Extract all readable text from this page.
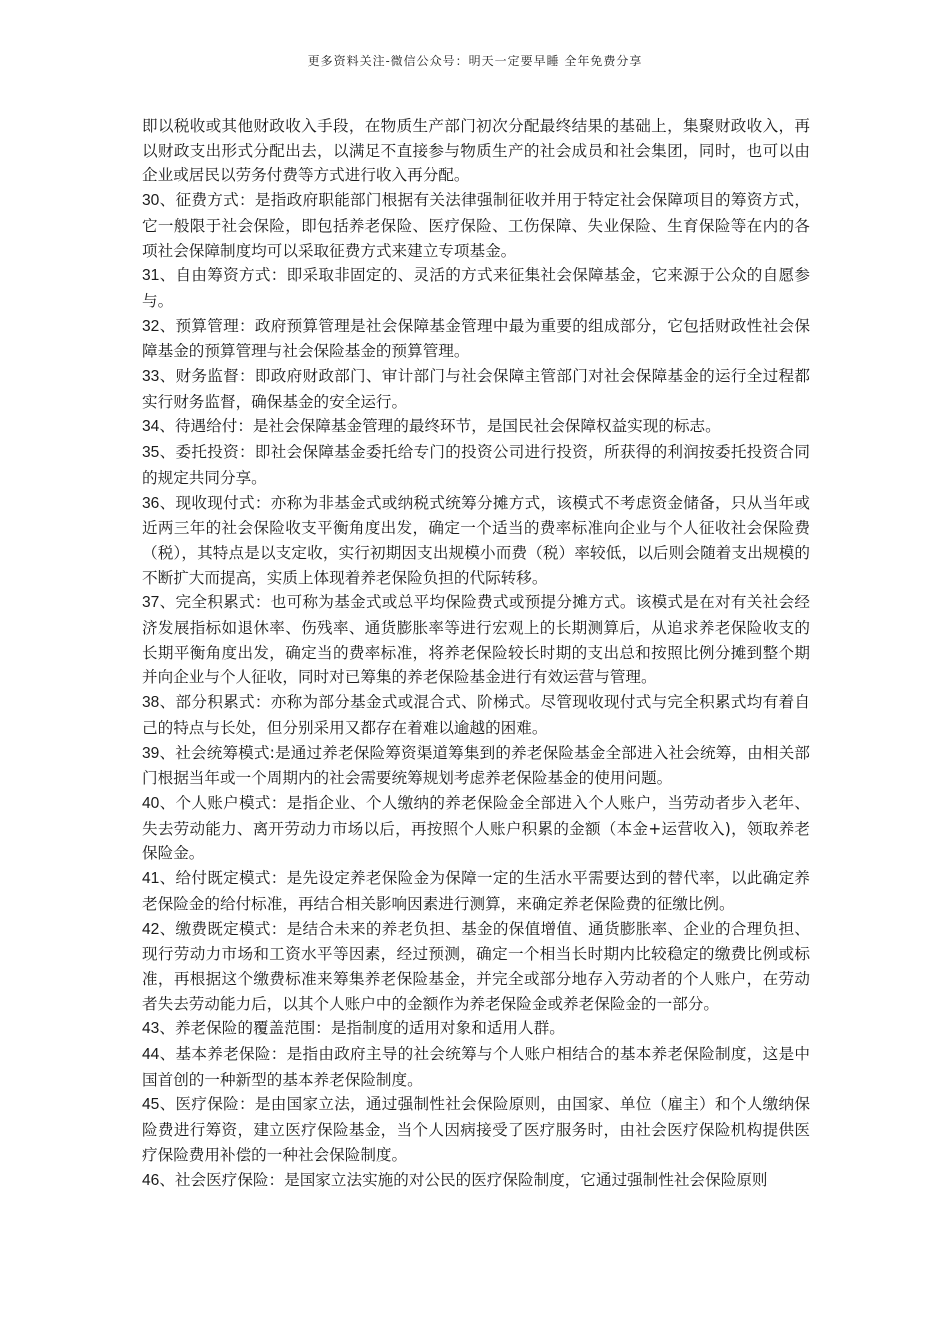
更多资料关注-微信公众号：明天一定要早睡 全年免费分享

即以税收或其他财政收入手段，在物质生产部门初次分配最终结果的基础上，集聚财政收入，再以财政支出形式分配出去，以满足不直接参与物质生产的社会成员和社会集团，同时，也可以由企业或居民以劳务付费等方式进行收入再分配。

30、征费方式：是指政府职能部门根据有关法律强制征收并用于特定社会保障项目的筹资方式，它一般限于社会保险，即包括养老保险、医疗保险、工伤保障、失业保险、生育保险等在内的各项社会保障制度均可以采取征费方式来建立专项基金。

31、自由筹资方式：即采取非固定的、灵活的方式来征集社会保障基金，它来源于公众的自愿参与。

32、预算管理：政府预算管理是社会保障基金管理中最为重要的组成部分，它包括财政性社会保障基金的预算管理与社会保险基金的预算管理。

33、财务监督：即政府财政部门、审计部门与社会保障主管部门对社会保障基金的运行全过程都实行财务监督，确保基金的安全运行。

34、待遇给付：是社会保障基金管理的最终环节，是国民社会保障权益实现的标志。

35、委托投资：即社会保障基金委托给专门的投资公司进行投资，所获得的利润按委托投资合同的规定共同分享。

36、现收现付式：亦称为非基金式或纳税式统筹分摊方式，该模式不考虑资金储备，只从当年或近两三年的社会保险收支平衡角度出发，确定一个适当的费率标准向企业与个人征收社会保险费（税），其特点是以支定收，实行初期因支出规模小而费（税）率较低，以后则会随着支出规模的不断扩大而提高，实质上体现着养老保险负担的代际转移。

37、完全积累式：也可称为基金式或总平均保险费式或预提分摊方式。该模式是在对有关社会经济发展指标如退休率、伤残率、通货膨胀率等进行宏观上的长期测算后，从追求养老保险收支的长期平衡角度出发，确定当的费率标准，将养老保险较长时期的支出总和按照比例分摊到整个期并向企业与个人征收，同时对已筹集的养老保险基金进行有效运营与管理。

38、部分积累式：亦称为部分基金式或混合式、阶梯式。尽管现收现付式与完全积累式均有着自己的特点与长处，但分别采用又都存在着难以逾越的困难。

39、社会统筹模式:是通过养老保险筹资渠道筹集到的养老保险基金全部进入社会统筹，由相关部门根据当年或一个周期内的社会需要统筹规划考虑养老保险基金的使用问题。

40、个人账户模式：是指企业、个人缴纳的养老保险金全部进入个人账户，当劳动者步入老年、失去劳动能力、离开劳动力市场以后，再按照个人账户积累的金额（本金+运营收入)，领取养老保险金。

41、给付既定模式：是先设定养老保险金为保障一定的生活水平需要达到的替代率，以此确定养老保险金的给付标准，再结合相关影响因素进行测算，来确定养老保险费的征缴比例。

42、缴费既定模式：是结合未来的养老负担、基金的保值增值、通货膨胀率、企业的合理负担、现行劳动力市场和工资水平等因素，经过预测，确定一个相当长时期内比较稳定的缴费比例或标准，再根据这个缴费标准来筹集养老保险基金，并完全或部分地存入劳动者的个人账户，在劳动者失去劳动能力后，以其个人账户中的金额作为养老保险金或养老保险金的一部分。

43、养老保险的覆盖范围：是指制度的适用对象和适用人群。

44、基本养老保险：是指由政府主导的社会统筹与个人账户相结合的基本养老保险制度，这是中国首创的一种新型的基本养老保险制度。

45、医疗保险：是由国家立法，通过强制性社会保险原则，由国家、单位（雇主）和个人缴纳保险费进行筹资，建立医疗保险基金，当个人因病接受了医疗服务时，由社会医疗保险机构提供医疗保险费用补偿的一种社会保险制度。

46、社会医疗保险：是国家立法实施的对公民的医疗保险制度，它通过强制性社会保险原则
